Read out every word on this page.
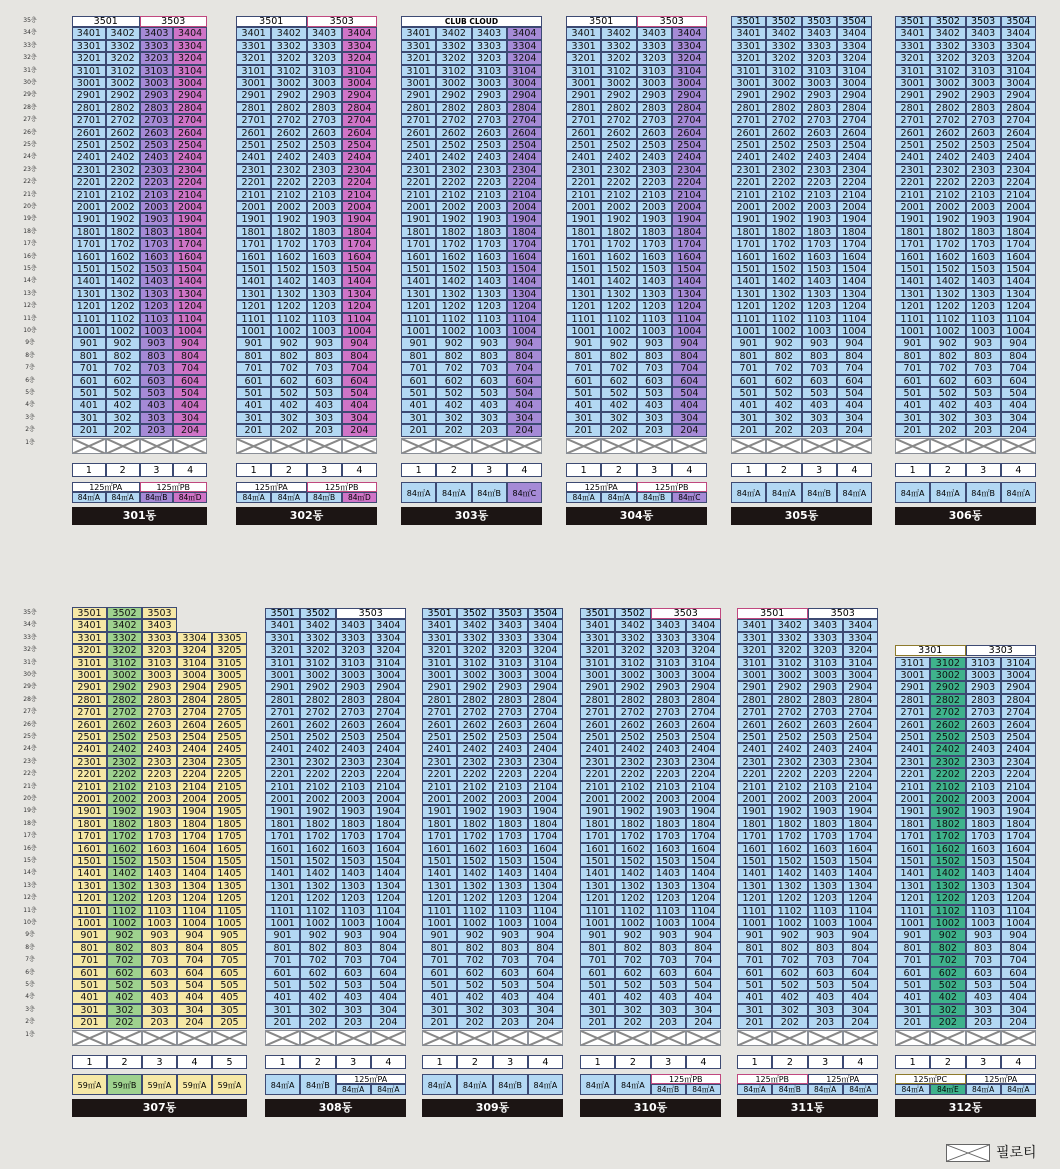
35층
34층
33층
32층
31층
30층
29층
28층
27층
26층
25층
24층
23층
22층
21층
20층
19층
18층
17층
16층
15층
14층
13층
12층
11층
10층
9층
8층
7층
6층
5층
4층
3층
2층
1층
35층
34층
33층
32층
31층
30층
29층
28층
27층
26층
25층
24층
23층
22층
21층
20층
19층
18층
17층
16층
15층
14층
13층
12층
11층
10층
9층
8층
7층
6층
5층
4층
3층
2층
1층
3501	3503
3401	3402	3403	3404
3301	3302	3303	3304
3201	3202	3203	3204
3101	3102	3103	3104
3001	3002	3003	3004
2901	2902	2903	2904
2801	2802	2803	2804
2701	2702	2703	2704
2601	2602	2603	2604
2501	2502	2503	2504
2401	2402	2403	2404
2301	2302	2303	2304
2201	2202	2203	2204
2101	2102	2103	2104
2001	2002	2003	2004
1901	1902	1903	1904
1801	1802	1803	1804
1701	1702	1703	1704
1601	1602	1603	1604
1501	1502	1503	1504
1401	1402	1403	1404
1301	1302	1303	1304
1201	1202	1203	1204
1101	1102	1103	1104
1001	1002	1003	1004
901	902	903	904
801	802	803	804
701	702	703	704
601	602	603	604
501	502	503	504
401	402	403	404
301	302	303	304
201	202	203	204
1	2	3	4
125㎡PA
84㎡A	84㎡A
125㎡PB
84㎡B	84㎡D
301동
3501	3503
3401	3402	3403	3404
3301	3302	3303	3304
3201	3202	3203	3204
3101	3102	3103	3104
3001	3002	3003	3004
2901	2902	2903	2904
2801	2802	2803	2804
2701	2702	2703	2704
2601	2602	2603	2604
2501	2502	2503	2504
2401	2402	2403	2404
2301	2302	2303	2304
2201	2202	2203	2204
2101	2102	2103	2104
2001	2002	2003	2004
1901	1902	1903	1904
1801	1802	1803	1804
1701	1702	1703	1704
1601	1602	1603	1604
1501	1502	1503	1504
1401	1402	1403	1404
1301	1302	1303	1304
1201	1202	1203	1204
1101	1102	1103	1104
1001	1002	1003	1004
901	902	903	904
801	802	803	804
701	702	703	704
601	602	603	604
501	502	503	504
401	402	403	404
301	302	303	304
201	202	203	204
1	2	3	4
125㎡PA
84㎡A	84㎡A
125㎡PB
84㎡B	84㎡D
302동
CLUB CLOUD
3401	3402	3403	3404
3301	3302	3303	3304
3201	3202	3203	3204
3101	3102	3103	3104
3001	3002	3003	3004
2901	2902	2903	2904
2801	2802	2803	2804
2701	2702	2703	2704
2601	2602	2603	2604
2501	2502	2503	2504
2401	2402	2403	2404
2301	2302	2303	2304
2201	2202	2203	2204
2101	2102	2103	2104
2001	2002	2003	2004
1901	1902	1903	1904
1801	1802	1803	1804
1701	1702	1703	1704
1601	1602	1603	1604
1501	1502	1503	1504
1401	1402	1403	1404
1301	1302	1303	1304
1201	1202	1203	1204
1101	1102	1103	1104
1001	1002	1003	1004
901	902	903	904
801	802	803	804
701	702	703	704
601	602	603	604
501	502	503	504
401	402	403	404
301	302	303	304
201	202	203	204
1	2	3	4
84㎡A	84㎡A	84㎡B	84㎡C
303동
3501	3503
3401	3402	3403	3404
3301	3302	3303	3304
3201	3202	3203	3204
3101	3102	3103	3104
3001	3002	3003	3004
2901	2902	2903	2904
2801	2802	2803	2804
2701	2702	2703	2704
2601	2602	2603	2604
2501	2502	2503	2504
2401	2402	2403	2404
2301	2302	2303	2304
2201	2202	2203	2204
2101	2102	2103	2104
2001	2002	2003	2004
1901	1902	1903	1904
1801	1802	1803	1804
1701	1702	1703	1704
1601	1602	1603	1604
1501	1502	1503	1504
1401	1402	1403	1404
1301	1302	1303	1304
1201	1202	1203	1204
1101	1102	1103	1104
1001	1002	1003	1004
901	902	903	904
801	802	803	804
701	702	703	704
601	602	603	604
501	502	503	504
401	402	403	404
301	302	303	304
201	202	203	204
1	2	3	4
125㎡PA
84㎡A	84㎡A
125㎡PB
84㎡B	84㎡C
304동
3501	3502	3503	3504
3401	3402	3403	3404
3301	3302	3303	3304
3201	3202	3203	3204
3101	3102	3103	3104
3001	3002	3003	3004
2901	2902	2903	2904
2801	2802	2803	2804
2701	2702	2703	2704
2601	2602	2603	2604
2501	2502	2503	2504
2401	2402	2403	2404
2301	2302	2303	2304
2201	2202	2203	2204
2101	2102	2103	2104
2001	2002	2003	2004
1901	1902	1903	1904
1801	1802	1803	1804
1701	1702	1703	1704
1601	1602	1603	1604
1501	1502	1503	1504
1401	1402	1403	1404
1301	1302	1303	1304
1201	1202	1203	1204
1101	1102	1103	1104
1001	1002	1003	1004
901	902	903	904
801	802	803	804
701	702	703	704
601	602	603	604
501	502	503	504
401	402	403	404
301	302	303	304
201	202	203	204
1	2	3	4
84㎡A	84㎡A	84㎡B	84㎡A
305동
3501	3502	3503	3504
3401	3402	3403	3404
3301	3302	3303	3304
3201	3202	3203	3204
3101	3102	3103	3104
3001	3002	3003	3004
2901	2902	2903	2904
2801	2802	2803	2804
2701	2702	2703	2704
2601	2602	2603	2604
2501	2502	2503	2504
2401	2402	2403	2404
2301	2302	2303	2304
2201	2202	2203	2204
2101	2102	2103	2104
2001	2002	2003	2004
1901	1902	1903	1904
1801	1802	1803	1804
1701	1702	1703	1704
1601	1602	1603	1604
1501	1502	1503	1504
1401	1402	1403	1404
1301	1302	1303	1304
1201	1202	1203	1204
1101	1102	1103	1104
1001	1002	1003	1004
901	902	903	904
801	802	803	804
701	702	703	704
601	602	603	604
501	502	503	504
401	402	403	404
301	302	303	304
201	202	203	204
1	2	3	4
84㎡A	84㎡A	84㎡B	84㎡A
306동
3501	3502	3503
3401	3402	3403
3301	3302	3303	3304	3305
3201	3202	3203	3204	3205
3101	3102	3103	3104	3105
3001	3002	3003	3004	3005
2901	2902	2903	2904	2905
2801	2802	2803	2804	2805
2701	2702	2703	2704	2705
2601	2602	2603	2604	2605
2501	2502	2503	2504	2505
2401	2402	2403	2404	2405
2301	2302	2303	2304	2305
2201	2202	2203	2204	2205
2101	2102	2103	2104	2105
2001	2002	2003	2004	2005
1901	1902	1903	1904	1905
1801	1802	1803	1804	1805
1701	1702	1703	1704	1705
1601	1602	1603	1604	1605
1501	1502	1503	1504	1505
1401	1402	1403	1404	1405
1301	1302	1303	1304	1305
1201	1202	1203	1204	1205
1101	1102	1103	1104	1105
1001	1002	1003	1004	1005
901	902	903	904	905
801	802	803	804	805
701	702	703	704	705
601	602	603	604	605
501	502	503	504	505
401	402	403	404	405
301	302	303	304	305
201	202	203	204	205
1	2	3	4	5
59㎡A	59㎡B	59㎡A	59㎡A	59㎡A
307동
3501	3502	3503
3401	3402	3403	3404
3301	3302	3303	3304
3201	3202	3203	3204
3101	3102	3103	3104
3001	3002	3003	3004
2901	2902	2903	2904
2801	2802	2803	2804
2701	2702	2703	2704
2601	2602	2603	2604
2501	2502	2503	2504
2401	2402	2403	2404
2301	2302	2303	2304
2201	2202	2203	2204
2101	2102	2103	2104
2001	2002	2003	2004
1901	1902	1903	1904
1801	1802	1803	1804
1701	1702	1703	1704
1601	1602	1603	1604
1501	1502	1503	1504
1401	1402	1403	1404
1301	1302	1303	1304
1201	1202	1203	1204
1101	1102	1103	1104
1001	1002	1003	1004
901	902	903	904
801	802	803	804
701	702	703	704
601	602	603	604
501	502	503	504
401	402	403	404
301	302	303	304
201	202	203	204
1	2	3	4
84㎡A	84㎡B
125㎡PA
84㎡A	84㎡A
308동
3501	3502	3503	3504
3401	3402	3403	3404
3301	3302	3303	3304
3201	3202	3203	3204
3101	3102	3103	3104
3001	3002	3003	3004
2901	2902	2903	2904
2801	2802	2803	2804
2701	2702	2703	2704
2601	2602	2603	2604
2501	2502	2503	2504
2401	2402	2403	2404
2301	2302	2303	2304
2201	2202	2203	2204
2101	2102	2103	2104
2001	2002	2003	2004
1901	1902	1903	1904
1801	1802	1803	1804
1701	1702	1703	1704
1601	1602	1603	1604
1501	1502	1503	1504
1401	1402	1403	1404
1301	1302	1303	1304
1201	1202	1203	1204
1101	1102	1103	1104
1001	1002	1003	1004
901	902	903	904
801	802	803	804
701	702	703	704
601	602	603	604
501	502	503	504
401	402	403	404
301	302	303	304
201	202	203	204
1	2	3	4
84㎡A	84㎡A	84㎡B	84㎡A
309동
3501	3502	3503
3401	3402	3403	3404
3301	3302	3303	3304
3201	3202	3203	3204
3101	3102	3103	3104
3001	3002	3003	3004
2901	2902	2903	2904
2801	2802	2803	2804
2701	2702	2703	2704
2601	2602	2603	2604
2501	2502	2503	2504
2401	2402	2403	2404
2301	2302	2303	2304
2201	2202	2203	2204
2101	2102	2103	2104
2001	2002	2003	2004
1901	1902	1903	1904
1801	1802	1803	1804
1701	1702	1703	1704
1601	1602	1603	1604
1501	1502	1503	1504
1401	1402	1403	1404
1301	1302	1303	1304
1201	1202	1203	1204
1101	1102	1103	1104
1001	1002	1003	1004
901	902	903	904
801	802	803	804
701	702	703	704
601	602	603	604
501	502	503	504
401	402	403	404
301	302	303	304
201	202	203	204
1	2	3	4
84㎡A	84㎡A
125㎡PB
84㎡B	84㎡A
310동
3501	3503
3401	3402	3403	3404
3301	3302	3303	3304
3201	3202	3203	3204
3101	3102	3103	3104
3001	3002	3003	3004
2901	2902	2903	2904
2801	2802	2803	2804
2701	2702	2703	2704
2601	2602	2603	2604
2501	2502	2503	2504
2401	2402	2403	2404
2301	2302	2303	2304
2201	2202	2203	2204
2101	2102	2103	2104
2001	2002	2003	2004
1901	1902	1903	1904
1801	1802	1803	1804
1701	1702	1703	1704
1601	1602	1603	1604
1501	1502	1503	1504
1401	1402	1403	1404
1301	1302	1303	1304
1201	1202	1203	1204
1101	1102	1103	1104
1001	1002	1003	1004
901	902	903	904
801	802	803	804
701	702	703	704
601	602	603	604
501	502	503	504
401	402	403	404
301	302	303	304
201	202	203	204
1	2	3	4
125㎡PB
84㎡A	84㎡B
125㎡PA
84㎡A	84㎡A
311동
3301	3303
3101	3102	3103	3104
3001	3002	3003	3004
2901	2902	2903	2904
2801	2802	2803	2804
2701	2702	2703	2704
2601	2602	2603	2604
2501	2502	2503	2504
2401	2402	2403	2404
2301	2302	2303	2304
2201	2202	2203	2204
2101	2102	2103	2104
2001	2002	2003	2004
1901	1902	1903	1904
1801	1802	1803	1804
1701	1702	1703	1704
1601	1602	1603	1604
1501	1502	1503	1504
1401	1402	1403	1404
1301	1302	1303	1304
1201	1202	1203	1204
1101	1102	1103	1104
1001	1002	1003	1004
901	902	903	904
801	802	803	804
701	702	703	704
601	602	603	604
501	502	503	504
401	402	403	404
301	302	303	304
201	202	203	204
1	2	3	4
125㎡PC
84㎡A	84㎡E
125㎡PA
84㎡A	84㎡A
312동
필로티
